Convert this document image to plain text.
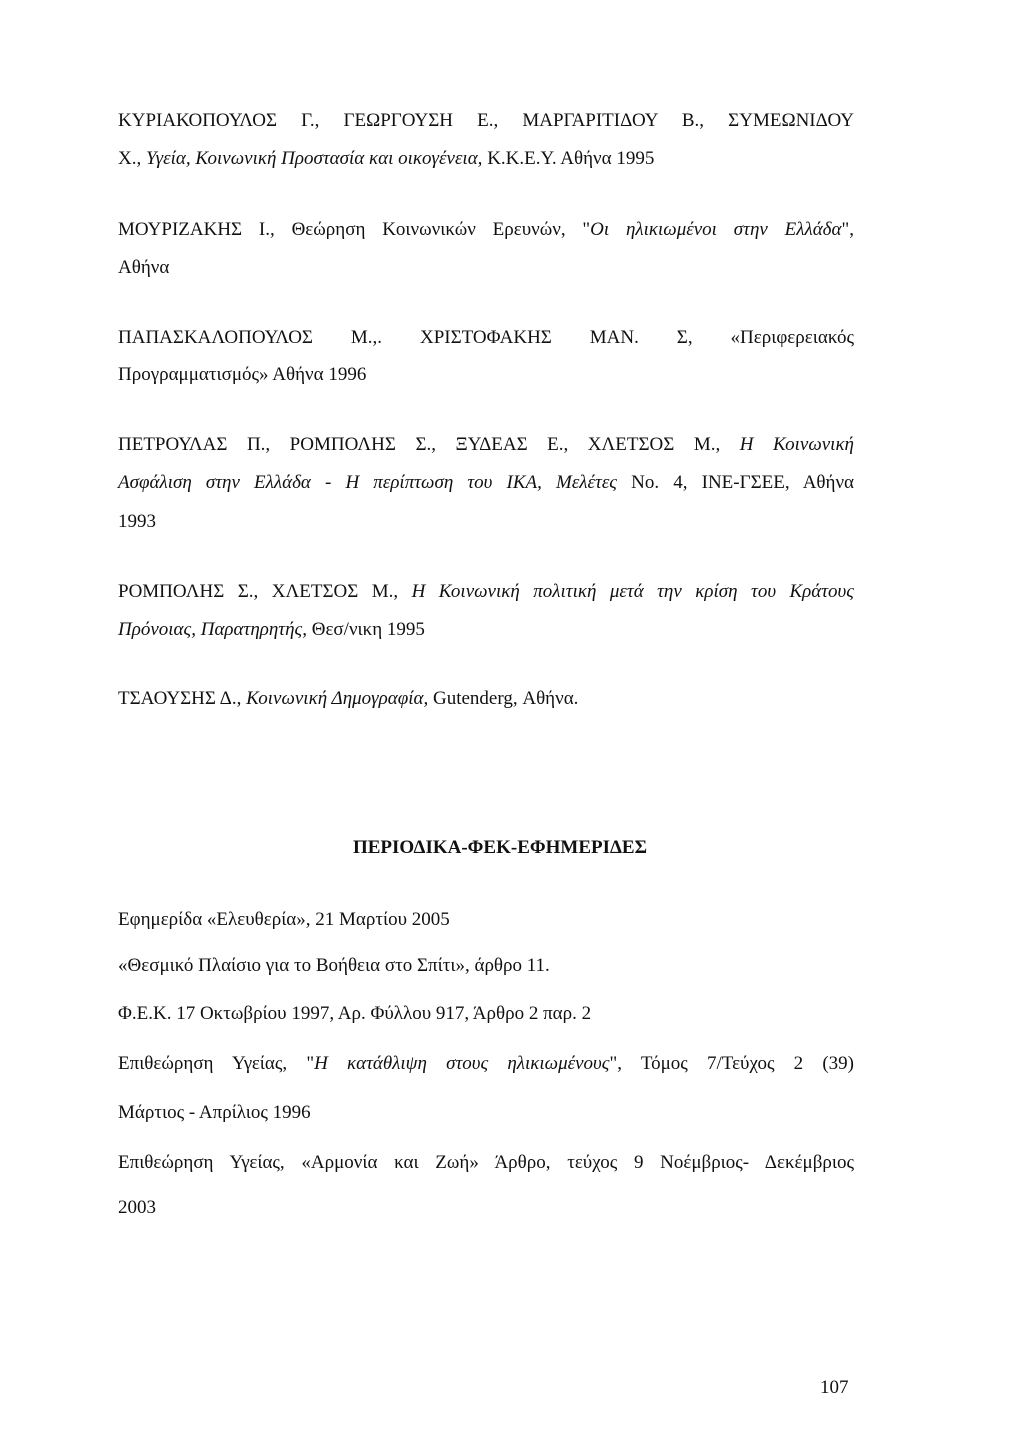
ΚΥΡΙΑΚΟΠΟΥΛΟΣ Γ., ΓΕΩΡΓΟΥΣΗ Ε., ΜΑΡΓΑΡΙΤΙΔΟΥ Β., ΣΥΜΕΩΝΙΔΟΥ
Χ., Υγεία, Κοινωνική Προστασία και οικογένεια, Κ.Κ.Ε.Υ. Αθήνα 1995
ΜΟΥΡΙΖΑΚΗΣ Ι., Θεώρηση Κοινωνικών Ερευνών, "Οι ηλικιωμένοι στην Ελλάδα",
Αθήνα
ΠΑΠΑΣΚΑΛΟΠΟΥΛΟΣ Μ.,. ΧΡΙΣΤΟΦΑΚΗΣ ΜΑΝ. Σ, «Περιφερειακός
Προγραμματισμός» Αθήνα 1996
ΠΕΤΡΟΥΛΑΣ Π., ΡΟΜΠΟΛΗΣ Σ., ΞΥΔΕΑΣ Ε., ΧΛΕΤΣΟΣ Μ., Η Κοινωνική
Ασφάλιση στην Ελλάδα - Η περίπτωση του ΙΚΑ, Μελέτες No. 4, ΙΝΕ-ΓΣΕΕ, Αθήνα
1993
ΡΟΜΠΟΛΗΣ Σ., ΧΛΕΤΣΟΣ Μ., Η Κοινωνική πολιτική μετά την κρίση του Κράτους
Πρόνοιας, Παρατηρητής, Θεσ/νικη 1995
ΤΣΑΟΥΣΗΣ Δ., Κοινωνική Δημογραφία, Gutenderg, Αθήνα.
ΠΕΡΙΟΔΙΚΑ-ΦΕΚ-ΕΦΗΜΕΡΙΔΕΣ
Εφημερίδα «Ελευθερία», 21 Μαρτίου 2005
«Θεσμικό Πλαίσιο για το Βοήθεια στο Σπίτι», άρθρο 11.
Φ.Ε.Κ. 17 Οκτωβρίου 1997, Αρ. Φύλλου 917, Άρθρο 2 παρ. 2
Επιθεώρηση Υγείας, "Η κατάθλιψη στους ηλικιωμένους", Τόμος 7/Τεύχος 2 (39)
Μάρτιος - Απρίλιος 1996
Επιθεώρηση Υγείας, «Αρμονία και Ζωή» Άρθρο, τεύχος 9 Νοέμβριος- Δεκέμβριος
2003
107
